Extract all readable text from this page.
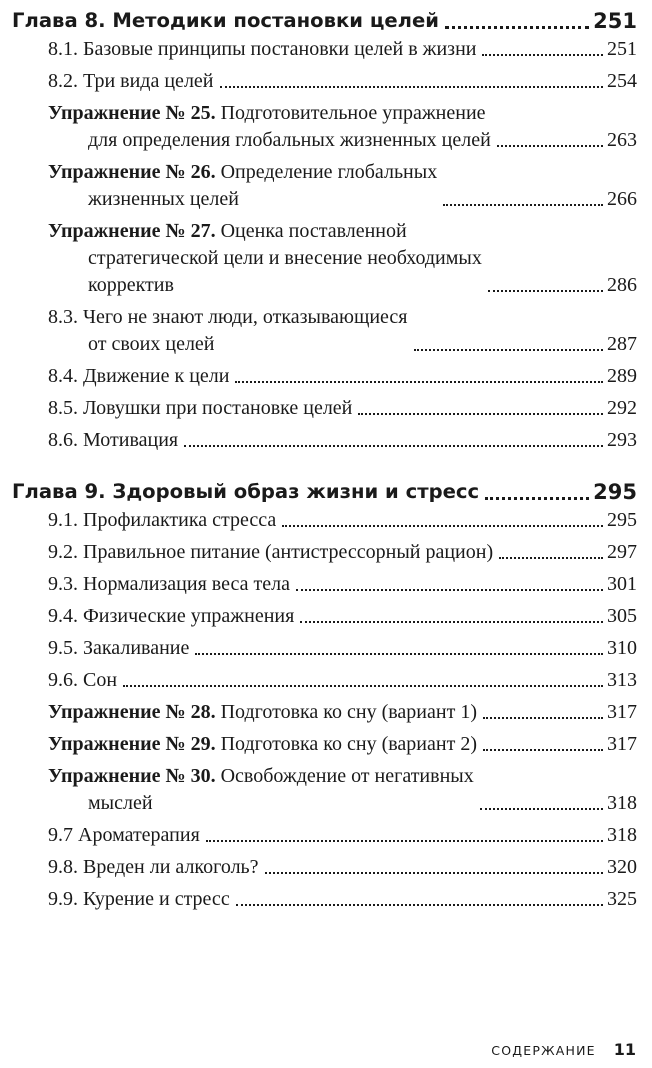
Глава 8. Методики постановки целей	251
8.1. Базовые принципы постановки целей в жизни	251
8.2. Три вида целей	254
Упражнение № 25. Подготовительное упражнение
для определения глобальных жизненных целей	263
Упражнение № 26. Определение глобальных
жизненных целей	266
Упражнение № 27. Оценка поставленной
стратегической цели и внесение необходимых
корректив	286
8.3. Чего не знают люди, отказывающиеся
от своих целей	287
8.4. Движение к цели	289
8.5. Ловушки при постановке целей	292
8.6. Мотивация	293
Глава 9. Здоровый образ жизни и стресс	295
9.1. Профилактика стресса	295
9.2. Правильное питание (антистрессорный рацион)	297
9.3. Нормализация веса тела	301
9.4. Физические упражнения	305
9.5. Закаливание	310
9.6. Сон	313
Упражнение № 28. Подготовка ко сну (вариант 1)	317
Упражнение № 29. Подготовка ко сну (вариант 2)	317
Упражнение № 30. Освобождение от негативных
мыслей	318
9.7 Ароматерапия	318
9.8. Вреден ли алкоголь?	320
9.9. Курение и стресс	325
СОДЕРЖАНИЕ 11
